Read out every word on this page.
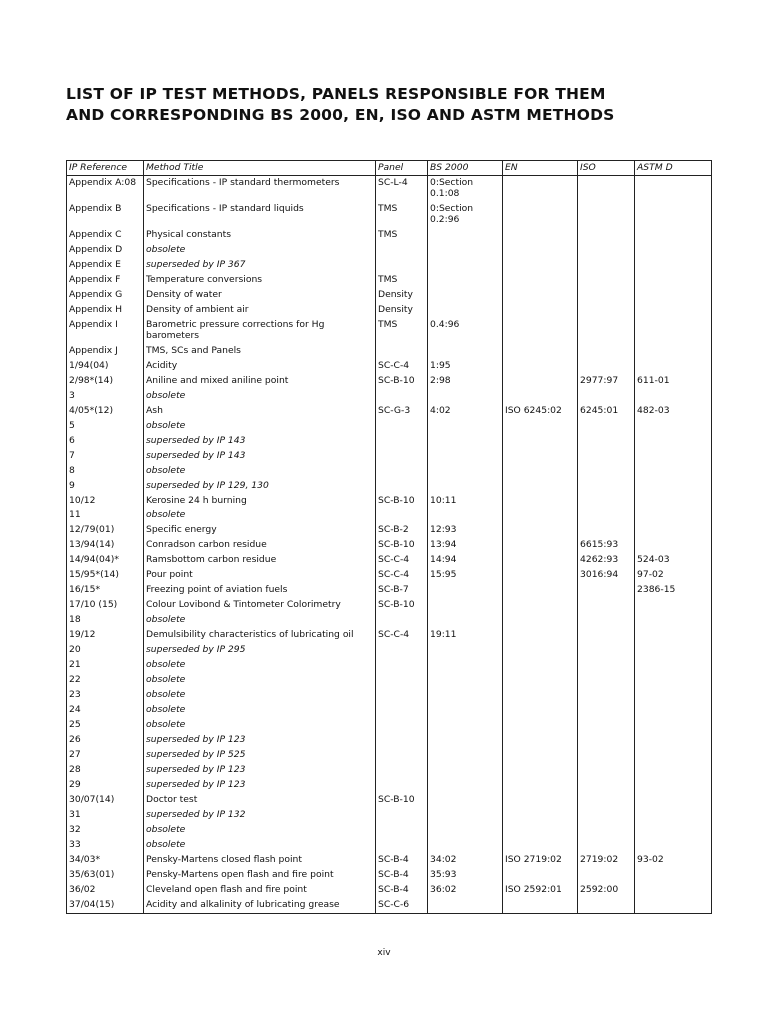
LIST OF IP TEST METHODS, PANELS RESPONSIBLE FOR THEM
AND CORRESPONDING BS 2000, EN, ISO AND ASTM METHODS
IP Reference	Method Title	Panel	BS 2000	EN	ISO	ASTM D
Appendix A:08	Specifications - IP standard thermometers	SC-L-4	0:Section 0.1:08			
Appendix B	Specifications - IP standard liquids	TMS	0:Section 0.2:96			
Appendix C	Physical constants	TMS				
Appendix D	obsolete					
Appendix E	superseded by IP 367					
Appendix F	Temperature conversions	TMS				
Appendix G	Density of water	Density				
Appendix H	Density of ambient air	Density				
Appendix I	Barometric pressure corrections for Hg barometers	TMS	0.4:96			
Appendix J	TMS, SCs and Panels					
1/94(04)	Acidity	SC-C-4	1:95			
2/98*(14)	Aniline and mixed aniline point	SC-B-10	2:98		2977:97	611-01
3	obsolete					
4/05*(12)	Ash	SC-G-3	4:02	ISO 6245:02	6245:01	482-03
5	obsolete					
6	superseded by IP 143					
7	superseded by IP 143					
8	obsolete					
9	superseded by IP 129, 130					
10/12	Kerosine 24 h burning	SC-B-10	10:11			
11	obsolete					
12/79(01)	Specific energy	SC-B-2	12:93			
13/94(14)	Conradson carbon residue	SC-B-10	13:94		6615:93	
14/94(04)*	Ramsbottom carbon residue	SC-C-4	14:94		4262:93	524-03
15/95*(14)	Pour point	SC-C-4	15:95		3016:94	97-02
16/15*	Freezing point of aviation fuels	SC-B-7				2386-15
17/10 (15)	Colour Lovibond & Tintometer Colorimetry	SC-B-10				
18	obsolete					
19/12	Demulsibility characteristics of lubricating oil	SC-C-4	19:11			
20	superseded by IP 295					
21	obsolete					
22	obsolete					
23	obsolete					
24	obsolete					
25	obsolete					
26	superseded by IP 123					
27	superseded by IP 525					
28	superseded by IP 123					
29	superseded by IP 123					
30/07(14)	Doctor test	SC-B-10				
31	superseded by IP 132					
32	obsolete					
33	obsolete					
34/03*	Pensky-Martens closed flash point	SC-B-4	34:02	ISO 2719:02	2719:02	93-02
35/63(01)	Pensky-Martens open flash and fire point	SC-B-4	35:93			
36/02	Cleveland open flash and fire point	SC-B-4	36:02	ISO 2592:01	2592:00	
37/04(15)	Acidity and alkalinity of lubricating grease	SC-C-6				
xiv
